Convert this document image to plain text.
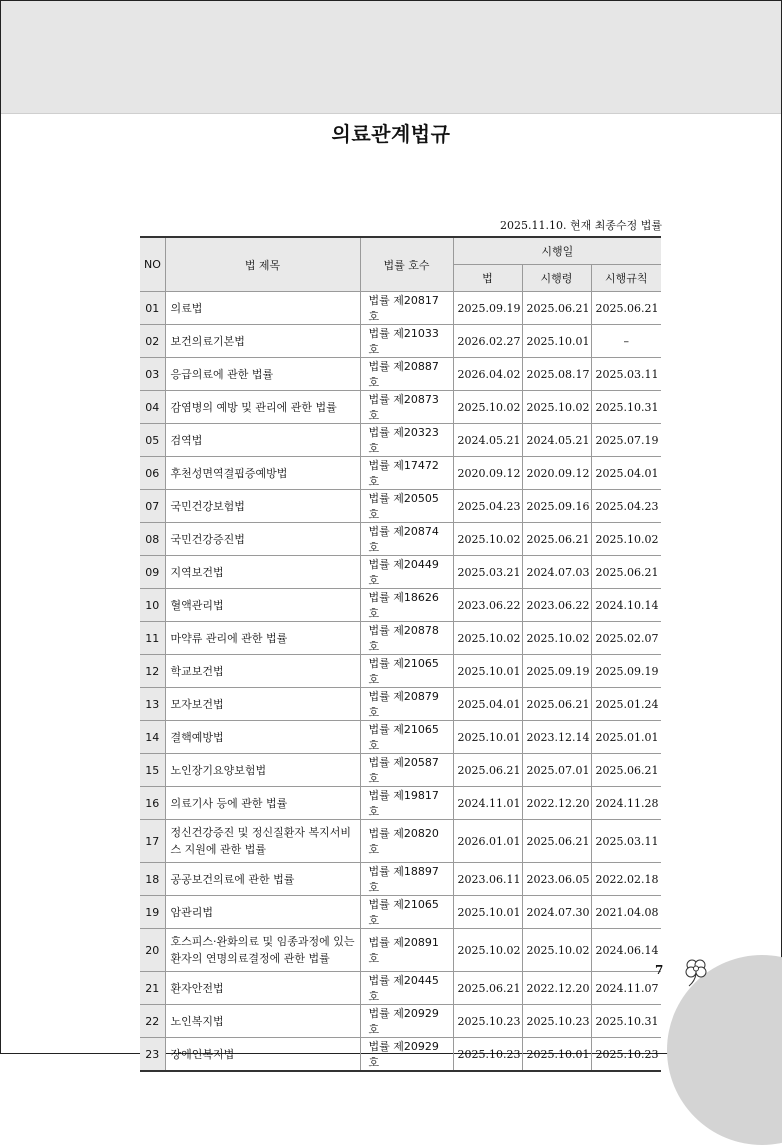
의료관계법규
2025.11.10. 현재 최종수정 법률
NO	법 제목	법률 호수	시행일		
			법	시행령	시행규칙
01	의료법	법률 제20817호	2025.09.19	2025.06.21	2025.06.21
02	보건의료기본법	법률 제21033호	2026.02.27	2025.10.01	–
03	응급의료에 관한 법률	법률 제20887호	2026.04.02	2025.08.17	2025.03.11
04	감염병의 예방 및 관리에 관한 법률	법률 제20873호	2025.10.02	2025.10.02	2025.10.31
05	검역법	법률 제20323호	2024.05.21	2024.05.21	2025.07.19
06	후천성면역결핍증예방법	법률 제17472호	2020.09.12	2020.09.12	2025.04.01
07	국민건강보험법	법률 제20505호	2025.04.23	2025.09.16	2025.04.23
08	국민건강증진법	법률 제20874호	2025.10.02	2025.06.21	2025.10.02
09	지역보건법	법률 제20449호	2025.03.21	2024.07.03	2025.06.21
10	혈액관리법	법률 제18626호	2023.06.22	2023.06.22	2024.10.14
11	마약류 관리에 관한 법률	법률 제20878호	2025.10.02	2025.10.02	2025.02.07
12	학교보건법	법률 제21065호	2025.10.01	2025.09.19	2025.09.19
13	모자보건법	법률 제20879호	2025.04.01	2025.06.21	2025.01.24
14	결핵예방법	법률 제21065호	2025.10.01	2023.12.14	2025.01.01
15	노인장기요양보험법	법률 제20587호	2025.06.21	2025.07.01	2025.06.21
16	의료기사 등에 관한 법률	법률 제19817호	2024.11.01	2022.12.20	2024.11.28
17	정신건강증진 및 정신질환자 복지서비스 지원에 관한 법률	법률 제20820호	2026.01.01	2025.06.21	2025.03.11
18	공공보건의료에 관한 법률	법률 제18897호	2023.06.11	2023.06.05	2022.02.18
19	암관리법	법률 제21065호	2025.10.01	2024.07.30	2021.04.08
20	호스피스·완화의료 및 임종과정에 있는 환자의 연명의료결정에 관한 법률	법률 제20891호	2025.10.02	2025.10.02	2024.06.14
21	환자안전법	법률 제20445호	2025.06.21	2022.12.20	2024.11.07
22	노인복지법	법률 제20929호	2025.10.23	2025.10.23	2025.10.31
23	장애인복지법	법률 제20929호	2025.10.23	2025.10.01	2025.10.23
7
